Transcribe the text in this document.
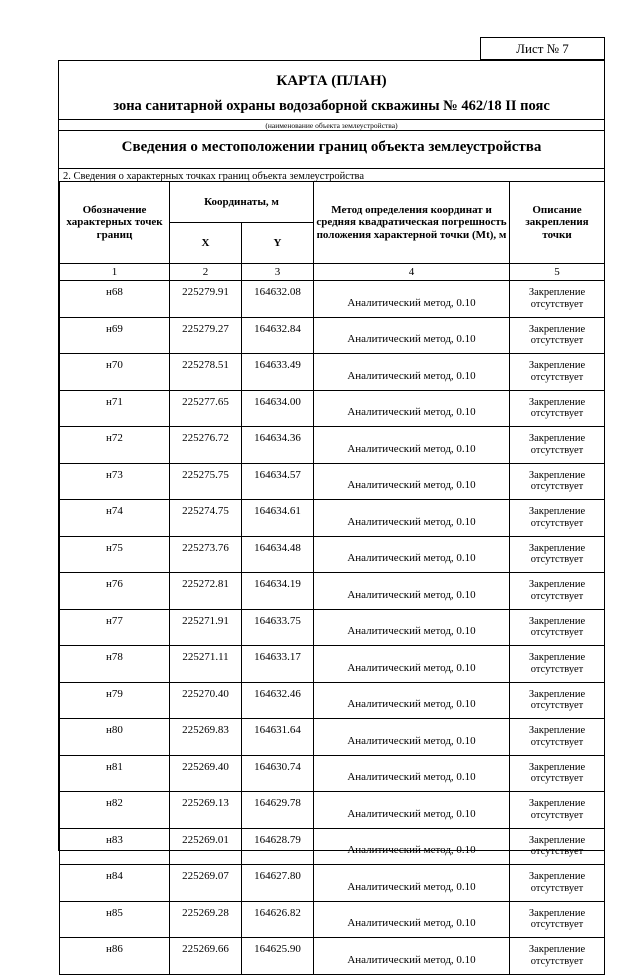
Лист № 7
КАРТА (ПЛАН)
зона санитарной охраны водозаборной скважины № 462/18 II пояс
(наименование объекта землеустройства)
Сведения о местоположении границ объекта землеустройства
2. Сведения о характерных точках границ объекта землеустройства
Обозначение характерных точек границ	Координаты, м		Метод определения координат и средняя квадратическая погрешность положения характерной точки (Mt), м	Описание закрепления точки
	X	Y		
1	2	3	4	5
н68	225279.91	164632.08	Аналитический метод, 0.10	Закрепление отсутствует
н69	225279.27	164632.84	Аналитический метод, 0.10	Закрепление отсутствует
н70	225278.51	164633.49	Аналитический метод, 0.10	Закрепление отсутствует
н71	225277.65	164634.00	Аналитический метод, 0.10	Закрепление отсутствует
н72	225276.72	164634.36	Аналитический метод, 0.10	Закрепление отсутствует
н73	225275.75	164634.57	Аналитический метод, 0.10	Закрепление отсутствует
н74	225274.75	164634.61	Аналитический метод, 0.10	Закрепление отсутствует
н75	225273.76	164634.48	Аналитический метод, 0.10	Закрепление отсутствует
н76	225272.81	164634.19	Аналитический метод, 0.10	Закрепление отсутствует
н77	225271.91	164633.75	Аналитический метод, 0.10	Закрепление отсутствует
н78	225271.11	164633.17	Аналитический метод, 0.10	Закрепление отсутствует
н79	225270.40	164632.46	Аналитический метод, 0.10	Закрепление отсутствует
н80	225269.83	164631.64	Аналитический метод, 0.10	Закрепление отсутствует
н81	225269.40	164630.74	Аналитический метод, 0.10	Закрепление отсутствует
н82	225269.13	164629.78	Аналитический метод, 0.10	Закрепление отсутствует
н83	225269.01	164628.79	Аналитический метод, 0.10	Закрепление отсутствует
н84	225269.07	164627.80	Аналитический метод, 0.10	Закрепление отсутствует
н85	225269.28	164626.82	Аналитический метод, 0.10	Закрепление отсутствует
н86	225269.66	164625.90	Аналитический метод, 0.10	Закрепление отсутствует
